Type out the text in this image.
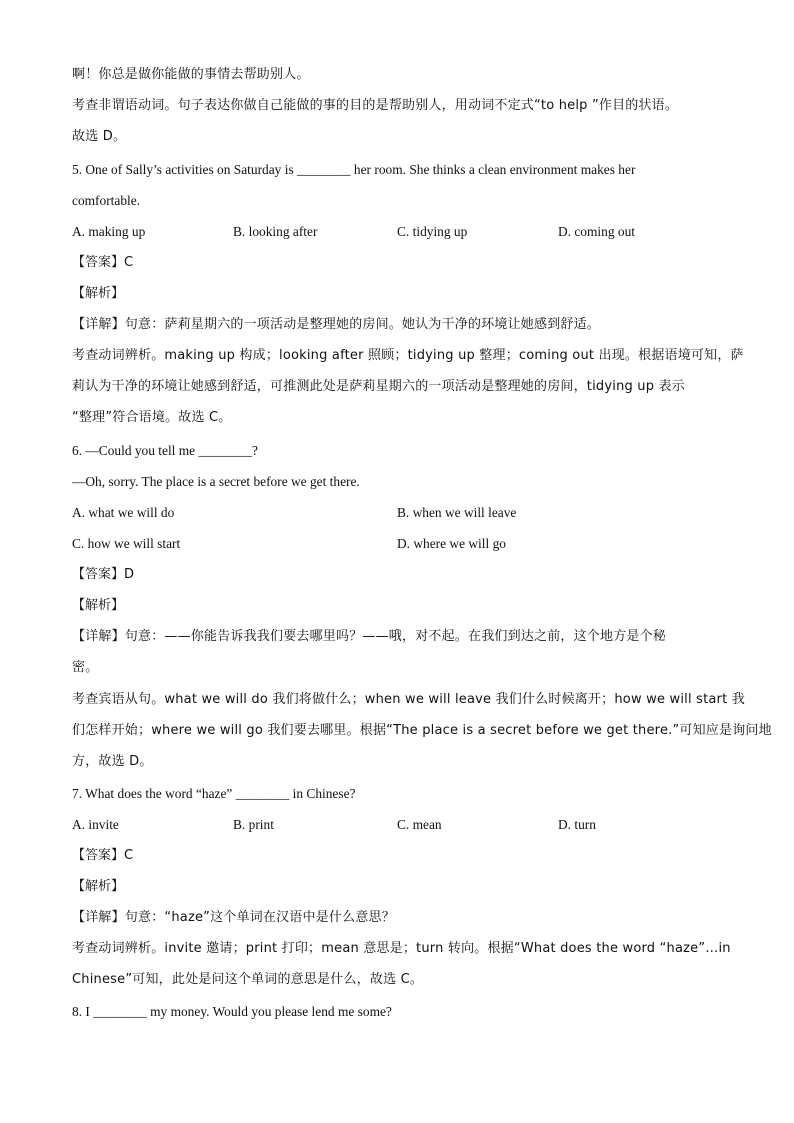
啊！你总是做你能做的事情去帮助别人。
考查非谓语动词。句子表达你做自己能做的事的目的是帮助别人，用动词不定式“to help ”作目的状语。
故选 D。
5. One of Sally’s activities on Saturday is ________ her room. She thinks a clean environment makes her
comfortable.
A. making up	B. looking after	C. tidying up	D. coming out
【答案】C
【解析】
【详解】句意：萨莉星期六的一项活动是整理她的房间。她认为干净的环境让她感到舒适。
考查动词辨析。making up 构成；looking after 照顾；tidying up 整理；coming out 出现。根据语境可知，萨
莉认为干净的环境让她感到舒适，可推测此处是萨莉星期六的一项活动是整理她的房间，tidying up 表示
“整理”符合语境。故选 C。
6. —Could you tell me ________?
—Oh, sorry. The place is a secret before we get there.
A. what we will do	B. when we will leave
C. how we will start	D. where we will go
【答案】D
【解析】
【详解】句意：——你能告诉我我们要去哪里吗？——哦，对不起。在我们到达之前，这个地方是个秘
密。
考查宾语从句。what we will do 我们将做什么；when we will leave 我们什么时候离开；how we will start 我
们怎样开始；where we will go 我们要去哪里。根据“The place is a secret before we get there.”可知应是询问地
方，故选 D。
7. What does the word “haze” ________ in Chinese?
A. invite	B. print	C. mean	D. turn
【答案】C
【解析】
【详解】句意：“haze”这个单词在汉语中是什么意思？
考查动词辨析。invite 邀请；print 打印；mean 意思是；turn 转向。根据“What does the word “haze”…in
Chinese”可知，此处是问这个单词的意思是什么，故选 C。
8. I ________ my money. Would you please lend me some?
